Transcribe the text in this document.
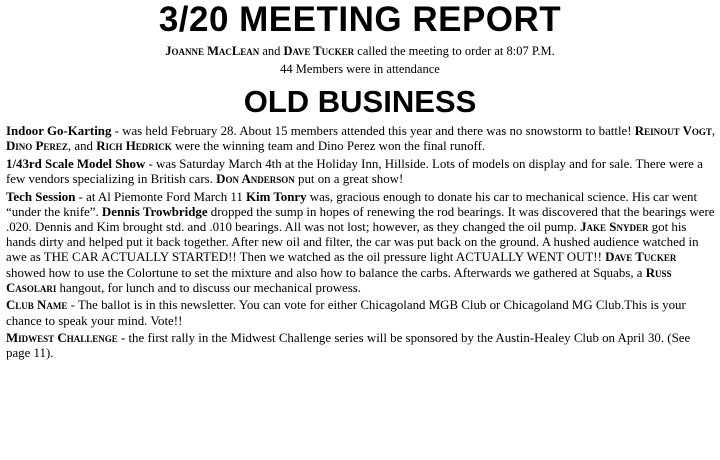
3/20 MEETING REPORT
Joanne MacLean and Dave Tucker called the meeting to order at 8:07 P.M.
44 Members were in attendance
OLD BUSINESS

Indoor Go-Karting - was held February 28. About 15 members attended this year and there was no snowstorm to battle! Reinout Vogt, Dino Perez, and Rich Hedrick were the winning team and Dino Perez won the final runoff.

1/43rd Scale Model Show - was Saturday March 4th at the Holiday Inn, Hillside. Lots of models on display and for sale. There were a few vendors specializing in British cars. Don Anderson put on a great show!

Tech Session - at Al Piemonte Ford March 11 Kim Tonry was, gracious enough to donate his car to mechanical science. His car went “under the knife”. Dennis Trowbridge dropped the sump in hopes of renewing the rod bearings. It was discovered that the bearings were .020. Dennis and Kim brought std. and .010 bearings. All was not lost; however, as they changed the oil pump. Jake Snyder got his hands dirty and helped put it back together. After new oil and filter, the car was put back on the ground. A hushed audience watched in awe as THE CAR ACTUALLY STARTED!! Then we watched as the oil pressure light ACTUALLY WENT OUT!! Dave Tucker showed how to use the Colortune to set the mixture and also how to balance the carbs. Afterwards we gathered at Squabs, a Russ Casolari hangout, for lunch and to discuss our mechanical prowess.

Club Name - The ballot is in this newsletter. You can vote for either Chicagoland MGB Club or Chicagoland MG Club.This is your chance to speak your mind. Vote!!

Midwest Challenge - the first rally in the Midwest Challenge series will be sponsored by the Austin-Healey Club on April 30. (See page 11).
